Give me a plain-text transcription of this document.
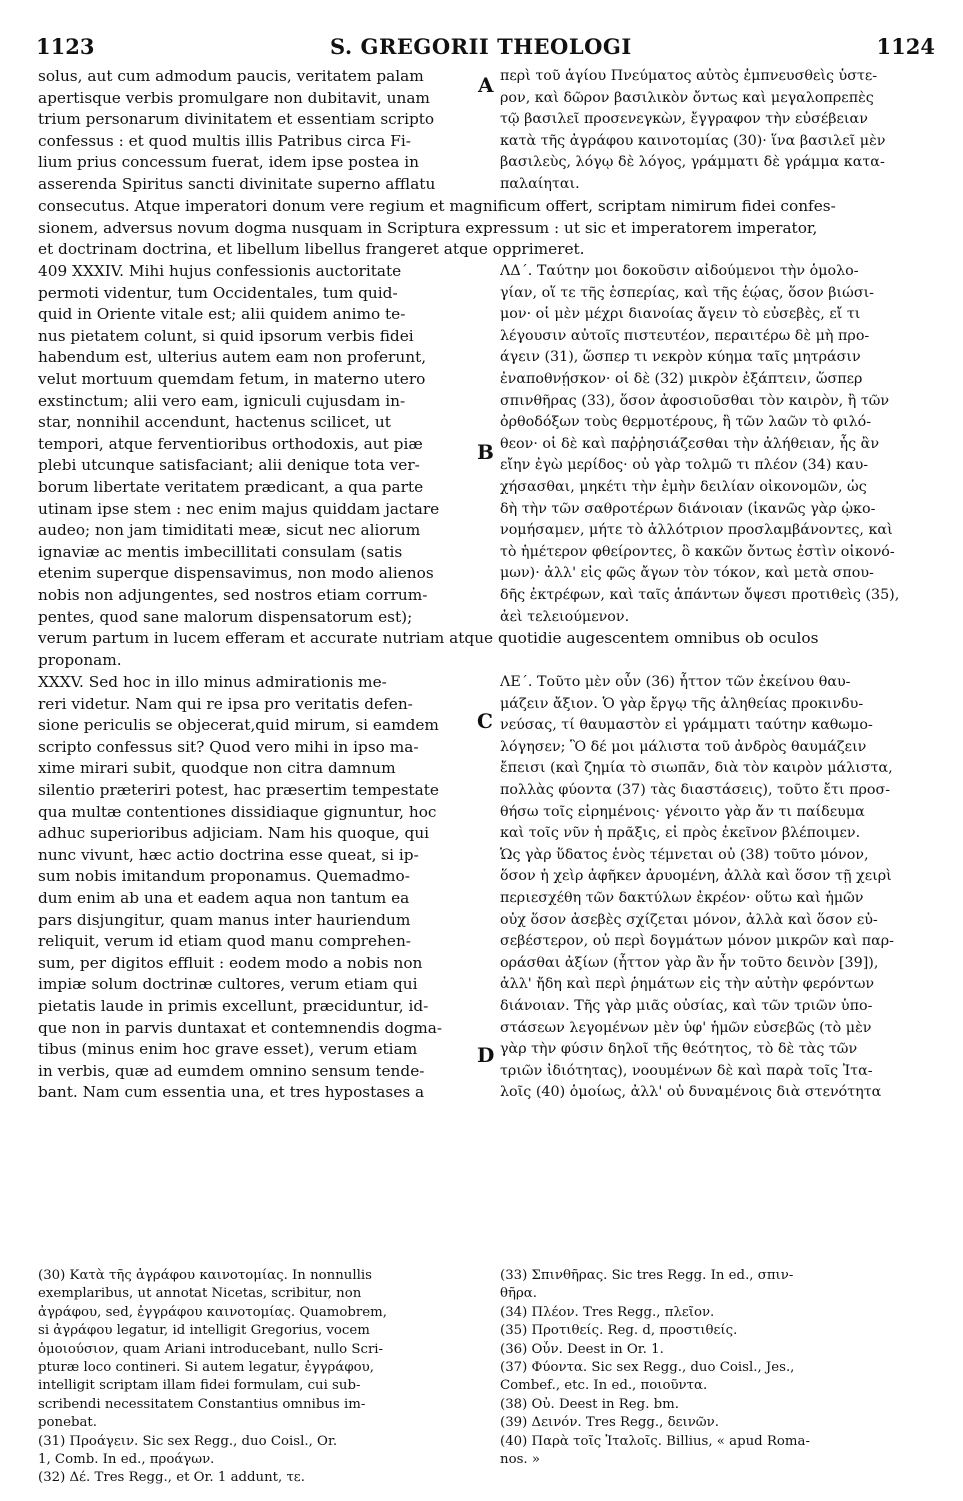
1123	S. GREGORII THEOLOGI	1124
A
B
C
D
solus, aut cum admodum paucis, veritatem palam
apertisque verbis promulgare non dubitavit, unam
trium personarum divinitatem et essentiam scripto
confessus : et quod multis illis Patribus circa Fi-
lium prius concessum fuerat, idem ipse postea in
asserenda Spiritus sancti divinitate superno afflatu
περὶ τοῦ ἁγίου Πνεύματος αὐτὸς ἐμπνευσθεὶς ὑστε-
ρον, καὶ δῶρον βασιλικὸν ὄντως καὶ μεγαλοπρεπὲς
τῷ βασιλεῖ προσενεγκὼν, ἔγγραφον τὴν εὐσέβειαν
κατὰ τῆς ἀγράφου καινοτομίας (30)· ἵνα βασιλεῖ μὲν
βασιλεὺς, λόγῳ δὲ λόγος, γράμματι δὲ γράμμα κατα-
παλαίηται.
consecutus. Atque imperatori donum vere regium et magnificum offert, scriptam nimirum fidei confes-
sionem, adversus novum dogma nusquam in Scriptura expressum : ut sic et imperatorem imperator,
et doctrinam doctrina, et libellum libellus frangeret atque opprimeret.
409 XXXIV. Mihi hujus confessionis auctoritate
permoti videntur, tum Occidentales, tum quid-
quid in Oriente vitale est; alii quidem animo te-
nus pietatem colunt, si quid ipsorum verbis fidei
habendum est, ulterius autem eam non proferunt,
velut mortuum quemdam fetum, in materno utero
exstinctum; alii vero eam, igniculi cujusdam in-
star, nonnihil accendunt, hactenus scilicet, ut
tempori, atque ferventioribus orthodoxis, aut piæ
plebi utcunque satisfaciant; alii denique tota ver-
borum libertate veritatem prædicant, a qua parte
utinam ipse stem : nec enim majus quiddam jactare
audeo; non jam timiditati meæ, sicut nec aliorum
ignaviæ ac mentis imbecillitati consulam (satis
etenim superque dispensavimus, non modo alienos
nobis non adjungentes, sed nostros etiam corrum-
pentes, quod sane malorum dispensatorum est);
ΛΔ΄. Ταύτην μοι δοκοῦσιν αἰδούμενοι τὴν ὁμολο-
γίαν, οἵ τε τῆς ἑσπερίας, καὶ τῆς ἑῴας, ὅσον βιώσι-
μον· οἱ μὲν μέχρι διανοίας ἄγειν τὸ εὐσεβὲς, εἴ τι
λέγουσιν αὐτοῖς πιστευτέον, περαιτέρω δὲ μὴ προ-
άγειν (31), ὥσπερ τι νεκρὸν κύημα ταῖς μητράσιν
ἐναποθνῄσκον· οἱ δὲ (32) μικρὸν ἐξάπτειν, ὥσπερ
σπινθῆρας (33), ὅσον ἀφοσιοῦσθαι τὸν καιρὸν, ἢ τῶν
ὀρθοδόξων τοὺς θερμοτέρους, ἢ τῶν λαῶν τὸ φιλό-
θεον· οἱ δὲ καὶ παῤῥησιάζεσθαι τὴν ἀλήθειαν, ἧς ἂν
εἴην ἐγὼ μερίδος· οὐ γὰρ τολμῶ τι πλέον (34) καυ-
χήσασθαι, μηκέτι τὴν ἐμὴν δειλίαν οἰκονομῶν, ὡς
δὴ τὴν τῶν σαθροτέρων διάνοιαν (ἱκανῶς γὰρ ᾠκο-
νομήσαμεν, μήτε τὸ ἀλλότριον προσλαμβάνοντες, καὶ
τὸ ἡμέτερον φθείροντες, ὃ κακῶν ὄντως ἐστὶν οἰκονό-
μων)· ἀλλ' εἰς φῶς ἄγων τὸν τόκον, καὶ μετὰ σπου-
δῆς ἐκτρέφων, καὶ ταῖς ἁπάντων ὄψεσι προτιθεὶς (35),
ἀεὶ τελειούμενον.
verum partum in lucem efferam et accurate nutriam atque quotidie augescentem omnibus ob oculos
proponam.
XXXV. Sed hoc in illo minus admirationis me-
reri videtur. Nam qui re ipsa pro veritatis defen-
sione periculis se objecerat,quid mirum, si eamdem
scripto confessus sit? Quod vero mihi in ipso ma-
xime mirari subit, quodque non citra damnum
silentio præteriri potest, hac præsertim tempestate
qua multæ contentiones dissidiaque gignuntur, hoc
adhuc superioribus adjiciam. Nam his quoque, qui
nunc vivunt, hæc actio doctrina esse queat, si ip-
sum nobis imitandum proponamus. Quemadmo-
dum enim ab una et eadem aqua non tantum ea
pars disjungitur, quam manus inter hauriendum
reliquit, verum id etiam quod manu comprehen-
sum, per digitos effluit : eodem modo a nobis non
impiæ solum doctrinæ cultores, verum etiam qui
pietatis laude in primis excellunt, præciduntur, id-
que non in parvis duntaxat et contemnendis dogma-
tibus (minus enim hoc grave esset), verum etiam
in verbis, quæ ad eumdem omnino sensum tende-
bant. Nam cum essentia una, et tres hypostases a
ΛΕ΄. Τοῦτο μὲν οὖν (36) ἧττον τῶν ἐκείνου θαυ-
μάζειν ἄξιον. Ὁ γὰρ ἔργῳ τῆς ἀληθείας προκινδυ-
νεύσας, τί θαυμαστὸν εἰ γράμματι ταύτην καθωμο-
λόγησεν; Ὃ δέ μοι μάλιστα τοῦ ἀνδρὸς θαυμάζειν
ἔπεισι (καὶ ζημία τὸ σιωπᾶν, διὰ τὸν καιρὸν μάλιστα,
πολλὰς φύοντα (37) τὰς διαστάσεις), τοῦτο ἔτι προσ-
θήσω τοῖς εἰρημένοις· γένοιτο γὰρ ἄν τι παίδευμα
καὶ τοῖς νῦν ἡ πρᾶξις, εἰ πρὸς ἐκεῖνον βλέποιμεν.
Ὡς γὰρ ὕδατος ἑνὸς τέμνεται οὐ (38) τοῦτο μόνον,
ὅσον ἡ χεὶρ ἀφῆκεν ἀρυομένη, ἀλλὰ καὶ ὅσον τῇ χειρὶ
περιεσχέθη τῶν δακτύλων ἐκρέον· οὕτω καὶ ἡμῶν
οὐχ ὅσον ἀσεβὲς σχίζεται μόνον, ἀλλὰ καὶ ὅσον εὐ-
σεβέστερον, οὐ περὶ δογμάτων μόνον μικρῶν καὶ παρ-
οράσθαι ἀξίων (ἧττον γὰρ ἂν ἦν τοῦτο δεινὸν [39]),
ἀλλ' ἤδη καὶ περὶ ῥημάτων εἰς τὴν αὐτὴν φερόντων
διάνοιαν. Τῆς γὰρ μιᾶς οὐσίας, καὶ τῶν τριῶν ὑπο-
στάσεων λεγομένων μὲν ὑφ' ἡμῶν εὐσεβῶς (τὸ μὲν
γὰρ τὴν φύσιν δηλοῖ τῆς θεότητος, τὸ δὲ τὰς τῶν
τριῶν ἰδιότητας), νοουμένων δὲ καὶ παρὰ τοῖς Ἰτα-
λοῖς (40) ὁμοίως, ἀλλ' οὐ δυναμένοις διὰ στενότητα
(30) Κατὰ τῆς ἀγράφου καινοτομίας. In nonnullis
exemplaribus, ut annotat Nicetas, scribitur, non
ἀγράφου, sed, ἐγγράφου καινοτομίας. Quamobrem,
si ἀγράφου legatur, id intelligit Gregorius, vocem
ὁμοιούσιον, quam Ariani introducebant, nullo Scri-
pturæ loco contineri. Si autem legatur, ἐγγράφου,
intelligit scriptam illam fidei formulam, cui sub-
scribendi necessitatem Constantius omnibus im-
ponebat.
(31) Προάγειν. Sic sex Regg., duo Coisl., Or.
1, Comb. In ed., προάγων.
(32) Δέ. Tres Regg., et Or. 1 addunt, τε.
(33) Σπινθῆρας. Sic tres Regg. In ed., σπιν-
θῆρα.
(34) Πλέον. Tres Regg., πλεῖον.
(35) Προτιθείς. Reg. d, προστιθείς.
(36) Οὖν. Deest in Or. 1.
(37) Φύοντα. Sic sex Regg., duo Coisl., Jes.,
Combef., etc. In ed., ποιοῦντα.
(38) Οὐ. Deest in Reg. bm.
(39) Δεινόν. Tres Regg., δεινῶν.
(40) Παρὰ τοῖς Ἰταλοῖς. Billius, « apud Roma-
nos. »
